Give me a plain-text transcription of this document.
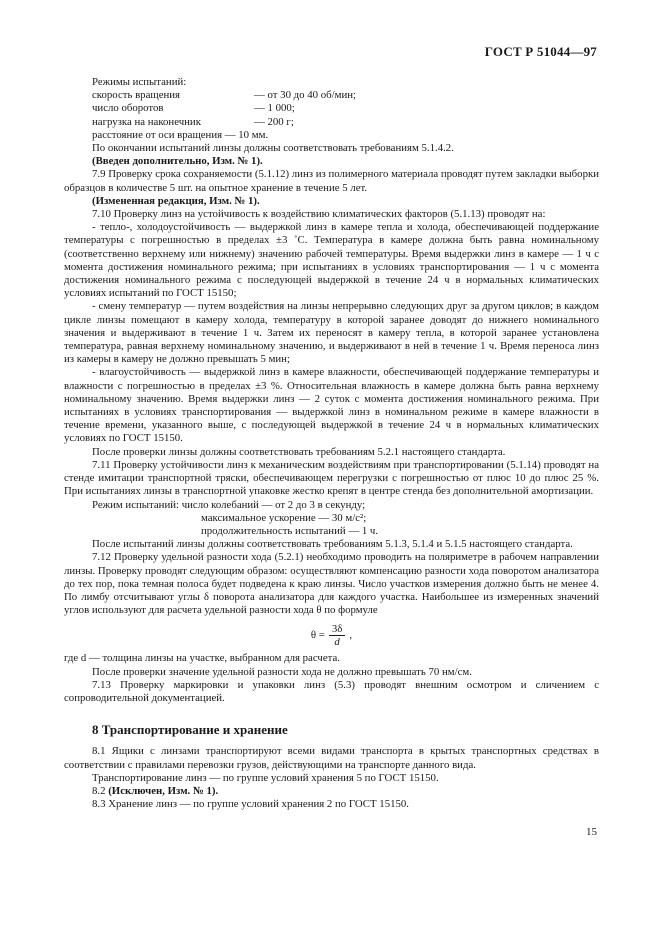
ГОСТ Р 51044—97

Режимы испытаний:

скорость вращения	— от 30 до 40 об/мин;
число оборотов	— 1 000;
нагрузка на наконечник	— 200 г;
расстояние от оси вращения — 10 мм.

По окончании испытаний линзы должны соответствовать требованиям 5.1.4.2.

(Введен дополнительно, Изм. № 1).

7.9 Проверку срока сохраняемости (5.1.12) линз из полимерного материала проводят путем закладки выборки образцов в количестве 5 шт. на опытное хранение в течение 5 лет.

(Измененная редакция, Изм. № 1).

7.10 Проверку линз на устойчивость к воздействию климатических факторов (5.1.13) проводят на:

- тепло-, холодоустойчивость — выдержкой линз в камере тепла и холода, обеспечивающей поддержание температуры с погрешностью в пределах ±3 ˚С. Температура в камере должна быть равна номинальному (соответственно верхнему или нижнему) значению рабочей температуры. Время выдержки линз в камере — 1 ч с момента достижения номинального режима; при испытаниях в условиях транспортирования — 1 ч с момента достижения номинального режима с последующей выдержкой в течение 24 ч в нормальных климатических условиях испытаний по ГОСТ 15150;

- смену температур — путем воздействия на линзы непрерывно следующих друг за другом циклов; в каждом цикле линзы помещают в камеру холода, температуру в которой заранее доводят до нижнего номинального значения и выдерживают в течение 1 ч. Затем их переносят в камеру тепла, в которой заранее установлена температура, равная верхнему номинальному значению, и выдерживают в ней в течение 1 ч. Время переноса линз из камеры в камеру не должно превышать 5 мин;

- влагоустойчивость — выдержкой линз в камере влажности, обеспечивающей поддержание температуры и влажности с погрешностью в пределах ±3 %. Относительная влажность в камере должна быть равна верхнему номинальному значению. Время выдержки линз — 2 суток с момента достижения номинального режима. При испытаниях в условиях транспортирования — выдержкой линз в номинальном режиме в камере влажности в течение времени, указанного выше, с последующей выдержкой в течение 24 ч в нормальных климатических условиях по ГОСТ 15150.

После проверки линзы должны соответствовать требованиям 5.2.1 настоящего стандарта.

7.11 Проверку устойчивости линз к механическим воздействиям при транспортировании (5.1.14) проводят на стенде имитации транспортной тряски, обеспечивающем перегрузки с погрешностью от плюс 10 до плюс 25 %. При испытаниях линзы в транспортной упаковке жестко крепят в центре стенда без дополнительной амортизации.

Режим испытаний: число колебаний — от 2 до 3 в секунду;

максимальное ускорение — 30 м/с²;

продолжительность испытаний — 1 ч.

После испытаний линзы должны соответствовать требованиям 5.1.3, 5.1.4 и 5.1.5 настоящего стандарта.

7.12 Проверку удельной разности хода (5.2.1) необходимо проводить на поляриметре в рабочем направлении линзы. Проверку проводят следующим образом: осуществляют компенсацию разности хода поворотом анализатора до тех пор, пока темная полоса будет подведена к краю линзы. Число участков измерения должно быть не менее 4. По лимбу отсчитывают углы δ поворота анализатора для каждого участка. Наибольшее из измеренных значений углов используют для расчета удельной разности хода θ по формуле

$\theta = \frac{3\delta}{d}$ ,

где d — толщина линзы на участке, выбранном для расчета.

После проверки значение удельной разности хода не должно превышать 70 нм/см.

7.13 Проверку маркировки и упаковки линз (5.3) проводят внешним осмотром и сличением с сопроводительной документацией.

8 Транспортирование и хранение

8.1 Ящики с линзами транспортируют всеми видами транспорта в крытых транспортных средствах в соответствии с правилами перевозки грузов, действующими на транспорте данного вида.

Транспортирование линз — по группе условий хранения 5 по ГОСТ 15150.

8.2 (Исключен, Изм. № 1).

8.3 Хранение линз — по группе условий хранения 2 по ГОСТ 15150.

15
